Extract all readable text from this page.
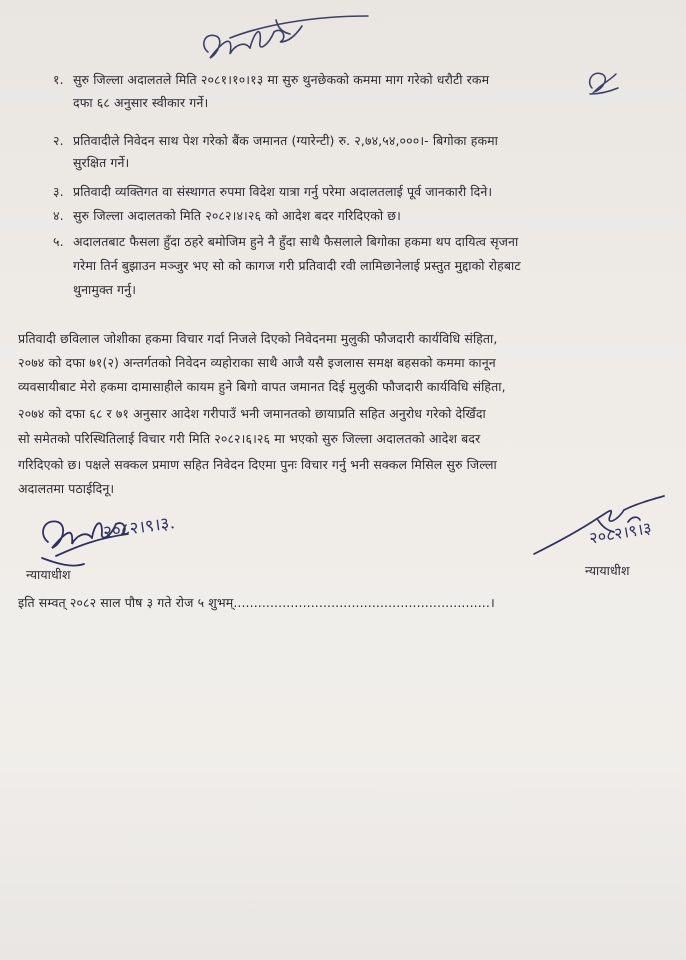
१. सुरु जिल्ला अदालतले मिति २०८१।१०।१३ मा सुरु थुनछेकको कममा माग गरेको धरौटी रकम
दफा ६८ अनुसार स्वीकार गर्ने।
२. प्रतिवादीले निवेदन साथ पेश गरेको बैंक जमानत (ग्यारेन्टी) रु. २,७४,५४,०००।- बिगोका हकमा
सुरक्षित गर्ने।
३. प्रतिवादी व्यक्तिगत वा संस्थागत रुपमा विदेश यात्रा गर्नु परेमा अदालतलाई पूर्व जानकारी दिने।
४. सुरु जिल्ला अदालतको मिति २०८२।४।२६ को आदेश बदर गरिदिएको छ।
५. अदालतबाट फैसला हुँदा ठहरे बमोजिम हुने नै हुँदा साथै फैसलाले बिगोका हकमा थप दायित्व सृजना
गरेमा तिर्न बुझाउन मञ्जुर भए सो को कागज गरी प्रतिवादी रवी लामिछानेलाई प्रस्तुत मुद्दाको रोहबाट
थुनामुक्त गर्नु।
प्रतिवादी छविलाल जोशीका हकमा विचार गर्दा निजले दिएको निवेदनमा मुलुकी फौजदारी कार्यविधि संहिता,
२०७४ को दफा ७१(२) अन्तर्गतको निवेदन व्यहोराका साथै आजै यसै इजलास समक्ष बहसको कममा कानून
व्यवसायीबाट मेरो हकमा दामासाहीले कायम हुने बिगो वापत जमानत दिई मुलुकी फौजदारी कार्यविधि संहिता,
२०७४ को दफा ६८ र ७१ अनुसार आदेश गरीपाउँ भनी जमानतको छायाप्रति सहित अनुरोध गरेको देखिँदा
सो समेतको परिस्थितिलाई विचार गरी मिति २०८२।६।२६ मा भएको सुरु जिल्ला अदालतको आदेश बदर
गरिदिएको छ। पक्षले सक्कल प्रमाण सहित निवेदन दिएमा पुनः विचार गर्नु भनी सक्कल मिसिल सुरु जिल्ला
अदालतमा पठाईदिनू।
२०८२।९।३.
न्यायाधीश
२०८२।९।३
न्यायाधीश
इति सम्वत् २०८२ साल पौष ३ गते रोज ५ शुभम्...............................................................।
